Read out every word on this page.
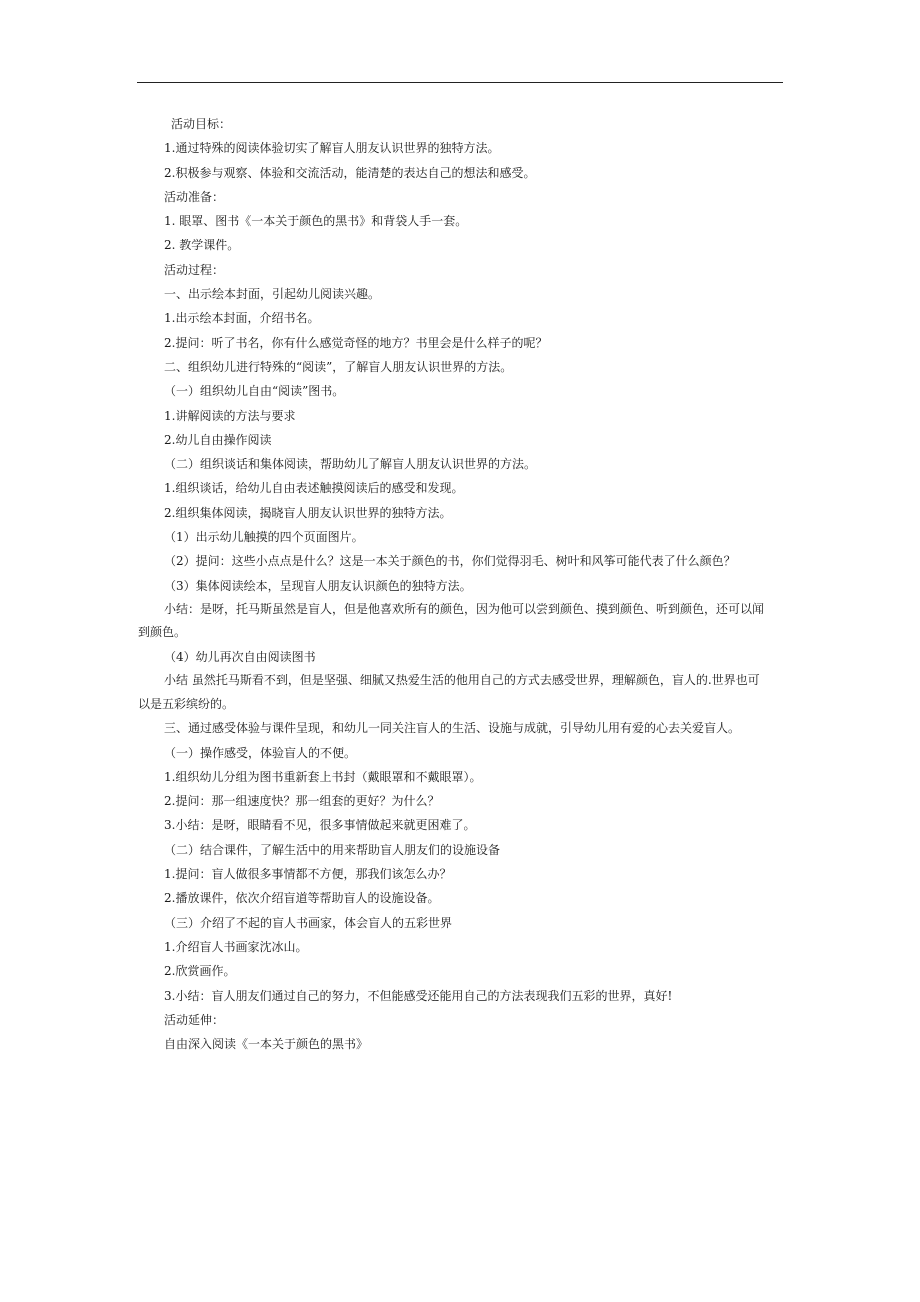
活动目标：

1.通过特殊的阅读体验切实了解盲人朋友认识世界的独特方法。

2.积极参与观察、体验和交流活动，能清楚的表达自己的想法和感受。

活动准备：

1. 眼罩、图书《一本关于颜色的黑书》和背袋人手一套。

2. 教学课件。

活动过程：

一、出示绘本封面，引起幼儿阅读兴趣。

1.出示绘本封面，介绍书名。

2.提问：听了书名，你有什么感觉奇怪的地方？书里会是什么样子的呢？

二、组织幼儿进行特殊的“阅读”，了解盲人朋友认识世界的方法。

（一）组织幼儿自由“阅读”图书。

1.讲解阅读的方法与要求

2.幼儿自由操作阅读

（二）组织谈话和集体阅读，帮助幼儿了解盲人朋友认识世界的方法。

1.组织谈话，给幼儿自由表述触摸阅读后的感受和发现。

2.组织集体阅读，揭晓盲人朋友认识世界的独特方法。

（1）出示幼儿触摸的四个页面图片。

（2）提问：这些小点点是什么？这是一本关于颜色的书，你们觉得羽毛、树叶和风筝可能代表了什么颜色？

（3）集体阅读绘本，呈现盲人朋友认识颜色的独特方法。

小结：是呀，托马斯虽然是盲人，但是他喜欢所有的颜色，因为他可以尝到颜色、摸到颜色、听到颜色，还可以闻
到颜色。

（4）幼儿再次自由阅读图书

小结 虽然托马斯看不到，但是坚强、细腻又热爱生活的他用自己的方式去感受世界，理解颜色，盲人的.世界也可
以是五彩缤纷的。

三、通过感受体验与课件呈现，和幼儿一同关注盲人的生活、设施与成就，引导幼儿用有爱的心去关爱盲人。

（一）操作感受，体验盲人的不便。

1.组织幼儿分组为图书重新套上书封（戴眼罩和不戴眼罩）。

2.提问：那一组速度快？那一组套的更好？为什么？

3.小结：是呀，眼睛看不见，很多事情做起来就更困难了。

（二）结合课件，了解生活中的用来帮助盲人朋友们的设施设备

1.提问：盲人做很多事情都不方便，那我们该怎么办？

2.播放课件，依次介绍盲道等帮助盲人的设施设备。

（三）介绍了不起的盲人书画家，体会盲人的五彩世界

1.介绍盲人书画家沈冰山。

2.欣赏画作。

3.小结：盲人朋友们通过自己的努力，不但能感受还能用自己的方法表现我们五彩的世界，真好!

活动延伸：

自由深入阅读《一本关于颜色的黑书》
